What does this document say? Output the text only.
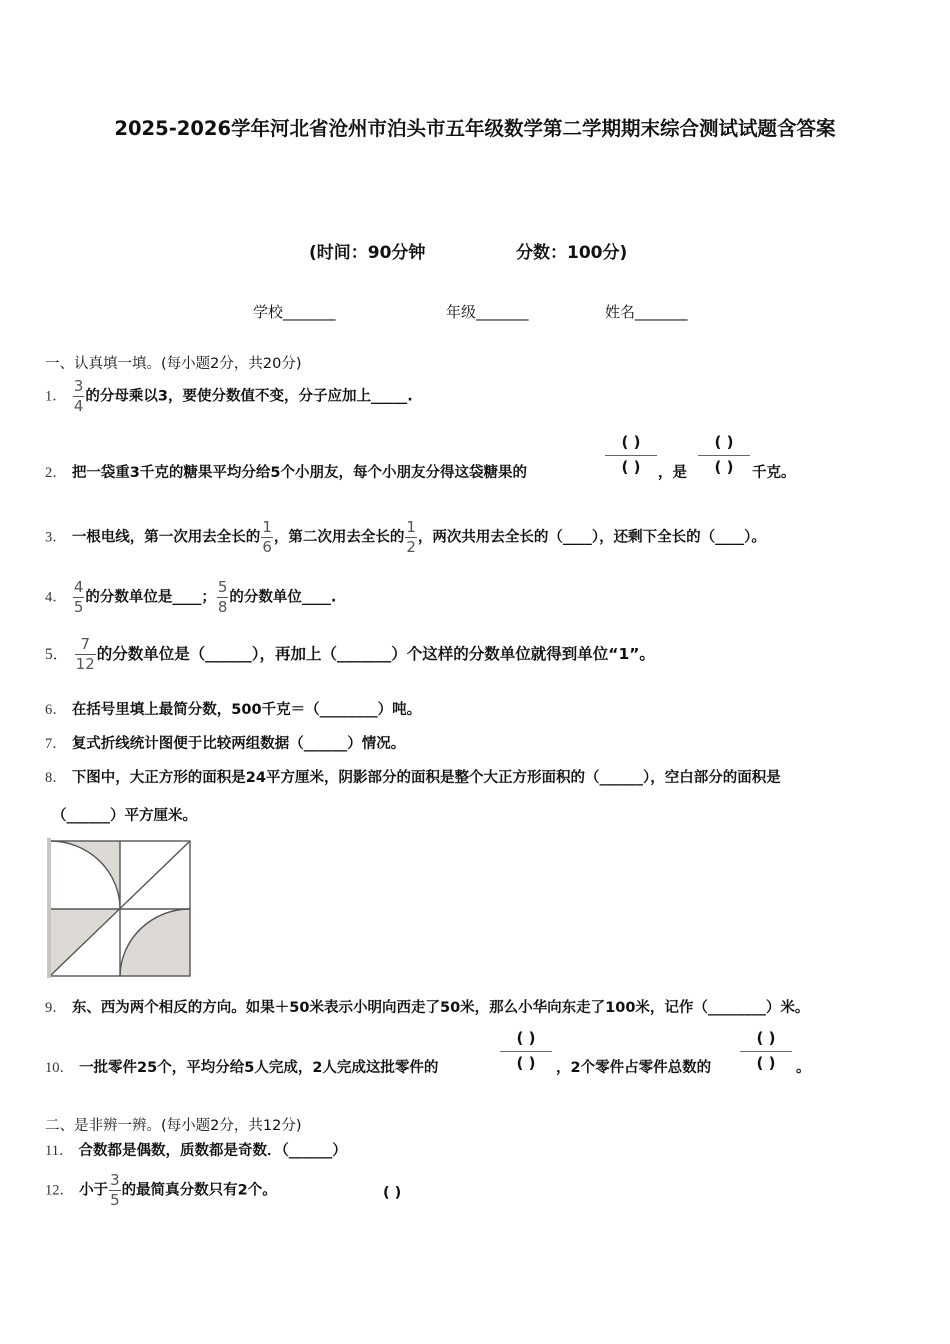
2025-2026学年河北省沧州市泊头市五年级数学第二学期期末综合测试试题含答案
(时间：90分钟	分数：100分)
学校_______	年级_______	姓名_______
一、认真填一填。(每小题2分，共20分)
1． $\frac{3}{4}$ 的分母乘以3，要使分数值不变，分子应加上_____.
2． 把一袋重3千克的糖果平均分给5个小朋友，每个小朋友分得这袋糖果的
( )
( )	，是
( )
( )	千克。
3． 一根电线，第一次用去全长的 $\frac{1}{6}$ ，第二次用去全长的 $\frac{1}{2}$ ，两次共用去全长的（____），还剩下全长的（____）。
4． $\frac{4}{5}$ 的分数单位是____； $\frac{5}{8}$ 的分数单位____.
5． $\frac{7}{12}$ 的分数单位是（______），再加上（_______）个这样的分数单位就得到单位“1”。
6． 在括号里填上最简分数，500千克＝（________）吨。
7． 复式折线统计图便于比较两组数据（______）情况。
8． 下图中，大正方形的面积是24平方厘米，阴影部分的面积是整个大正方形面积的（______），空白部分的面积是
（______）平方厘米。
9． 东、西为两个相反的方向。如果＋50米表示小明向西走了50米，那么小华向东走了100米，记作（________）米。
10． 一批零件25个，平均分给5人完成，2人完成这批零件的
( )
( )	，2个零件占零件总数的
( )
( )	。
二、是非辨一辨。(每小题2分，共12分)
11． 合数都是偶数，质数都是奇数．（______）
12． 小于 $\frac{3}{5}$ 的最简真分数只有2个。	( )
